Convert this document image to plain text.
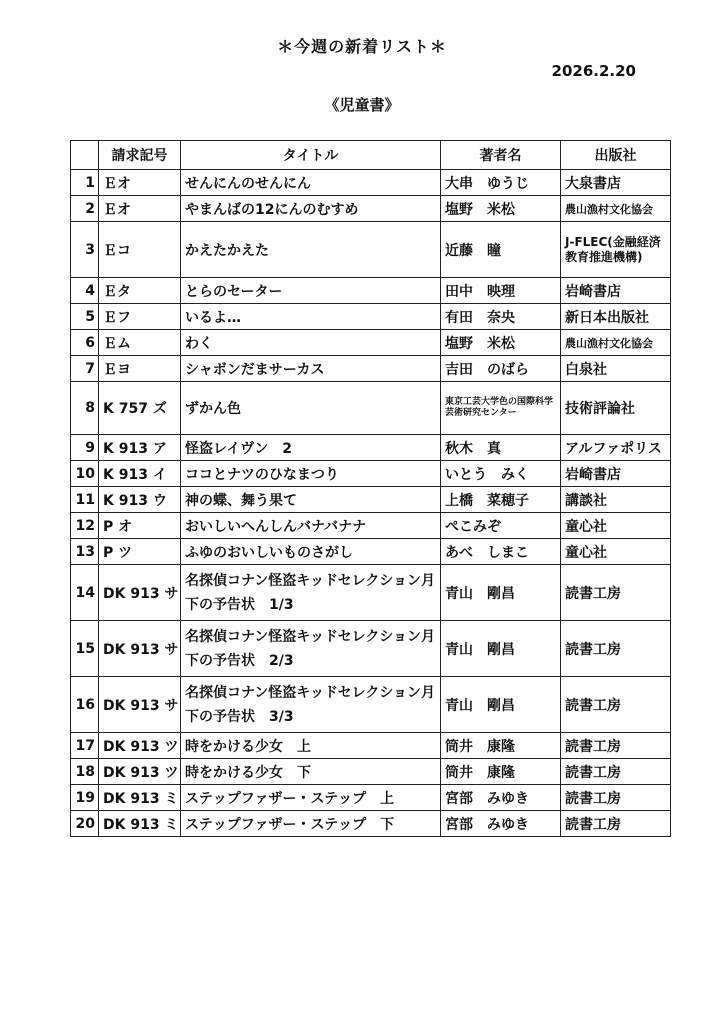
＊今週の新着リスト＊
2026.2.20
《児童書》
	請求記号	タイトル	著者名	出版社
1	Ｅオ	せんにんのせんにん	大串　ゆうじ	大泉書店
2	Ｅオ	やまんばの12にんのむすめ	塩野　米松	農山漁村文化協会
3	Ｅコ	かえたかえた	近藤　瞳	J-FLEC(金融経済教育推進機構)
4	Ｅタ	とらのセーター	田中　映理	岩崎書店
5	Ｅフ	いるよ…	有田　奈央	新日本出版社
6	Ｅム	わく	塩野　米松	農山漁村文化協会
7	Ｅヨ	シャボンだまサーカス	吉田　のばら	白泉社
8	K 757 ズ	ずかん色	東京工芸大学色の国際科学芸術研究センター	技術評論社
9	K 913 ア	怪盗レイヴン　2	秋木　真	アルファポリス
10	K 913 イ	ココとナツのひなまつり	いとう　みく	岩崎書店
11	K 913 ウ	神の蝶、舞う果て	上橋　菜穂子	講談社
12	P オ	おいしいへんしんバナバナナ	ぺこみぞ	童心社
13	P ツ	ふゆのおいしいものさがし	あべ　しまこ	童心社
14	DK 913 サ	名探偵コナン怪盗キッドセレクション月下の予告状　1/3	青山　剛昌	読書工房
15	DK 913 サ	名探偵コナン怪盗キッドセレクション月下の予告状　2/3	青山　剛昌	読書工房
16	DK 913 サ	名探偵コナン怪盗キッドセレクション月下の予告状　3/3	青山　剛昌	読書工房
17	DK 913 ツ	時をかける少女　上	筒井　康隆	読書工房
18	DK 913 ツ	時をかける少女　下	筒井　康隆	読書工房
19	DK 913 ミ	ステップファザー・ステップ　上	宮部　みゆき	読書工房
20	DK 913 ミ	ステップファザー・ステップ　下	宮部　みゆき	読書工房
